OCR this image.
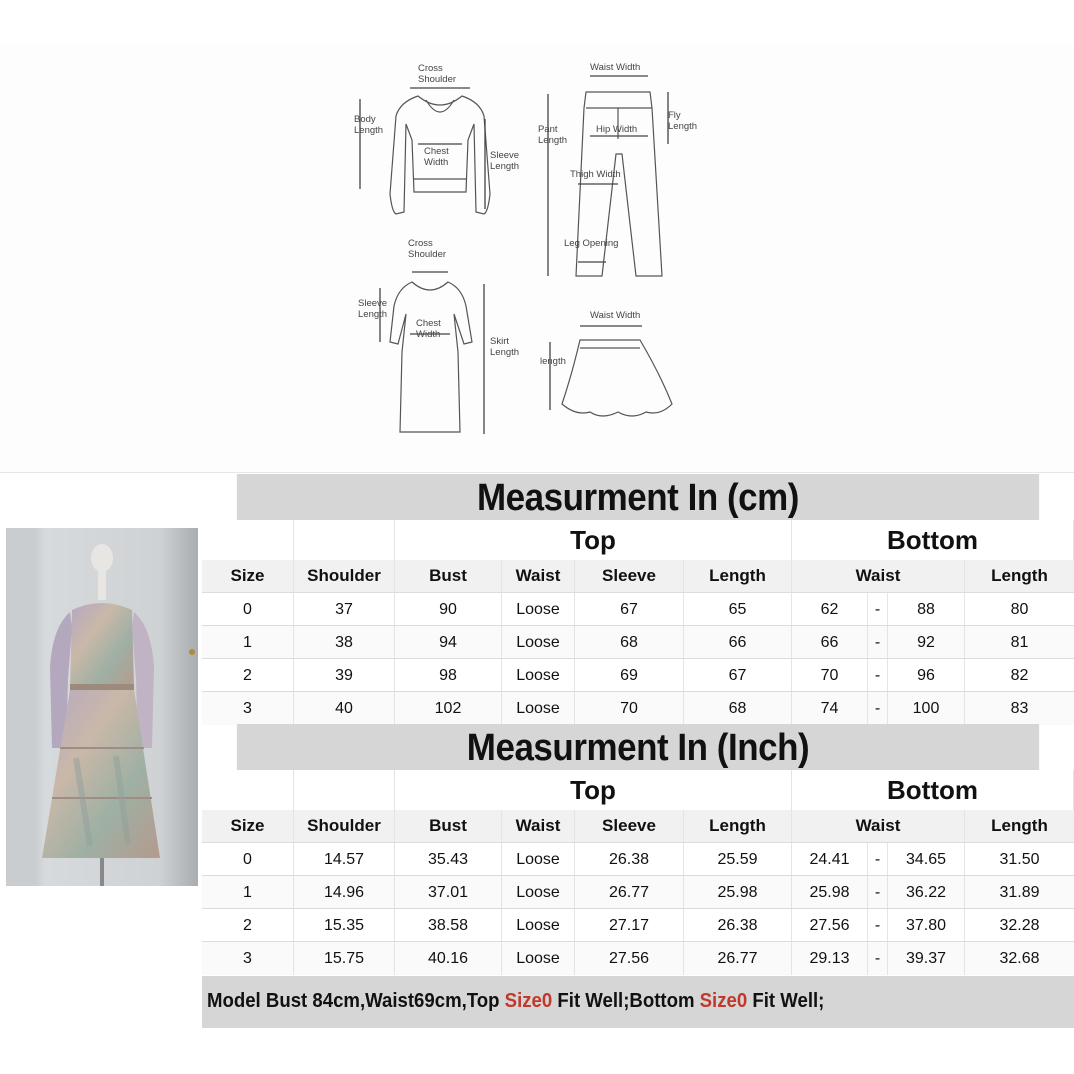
Cross Shoulder
Body Length
Chest Width
Sleeve Length
Waist Width
Pant Length
Hip Width
Fly Length
Thigh Width
Leg Opening
Cross Shoulder
Sleeve Length
Chest Width
Skirt Length
Waist Width
length
Measurment In (cm)
Top	Bottom
Size	Shoulder	Bust	Waist	Sleeve	Length	Waist	Length
0	37	90	Loose	67	65	62	-	88	80
1	38	94	Loose	68	66	66	-	92	81
2	39	98	Loose	69	67	70	-	96	82
3	40	102	Loose	70	68	74	-	100	83
Measurment In (Inch)
Top	Bottom
Size	Shoulder	Bust	Waist	Sleeve	Length	Waist	Length
0	14.57	35.43	Loose	26.38	25.59	24.41	-	34.65	31.50
1	14.96	37.01	Loose	26.77	25.98	25.98	-	36.22	31.89
2	15.35	38.58	Loose	27.17	26.38	27.56	-	37.80	32.28
3	15.75	40.16	Loose	27.56	26.77	29.13	-	39.37	32.68
Model Bust 84cm,Waist69cm,Top Size0 Fit Well;Bottom Size0 Fit Well;
